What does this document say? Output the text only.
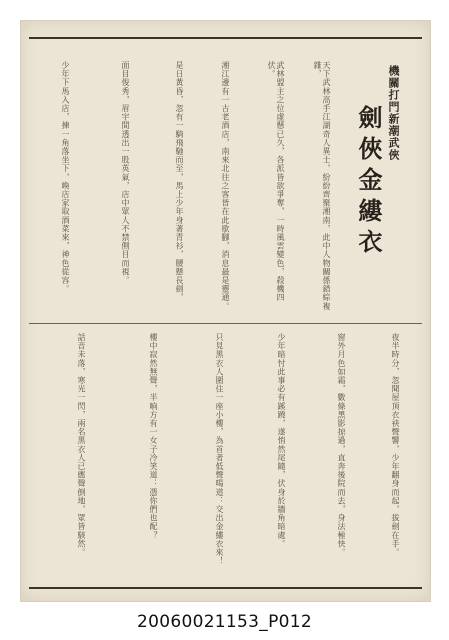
機關打門新潮武俠
劍俠金縷衣
天下武林高手江湖奇人異士，紛紛齊聚湘南，此中人物關係錯綜複雜，
武林盟主之位虛懸已久，各派皆欲爭奪，一時風雲變色，殺機四伏。
湘江邊有一古老酒店，南來北往之客皆在此歇腳，消息最是靈通。
是日黃昏，忽有一騎飛馳而至，馬上少年身著青衫，腰懸長劍，
面目俊秀，眉宇間透出一股英氣，店中眾人不禁側目而視。
少年下馬入店，揀一角落坐下，喚店家取酒菜來，神色從容。
夜半時分，忽聞屋頂衣袂聲響，少年翻身而起，拔劍在手。
窗外月色如霜，數條黑影掠過，直奔後院而去，身法極快。
少年暗忖此事必有蹊蹺，遂悄然尾隨，伏身於牆角暗處。
只見黑衣人圍住一座小樓，為首者低聲喝道：交出金縷衣來！
樓中寂然無聲，半晌方有一女子冷笑道：憑你們也配？
話音未落，寒光一閃，兩名黑衣人已應聲倒地，眾皆駭然。
20060021153_P012
